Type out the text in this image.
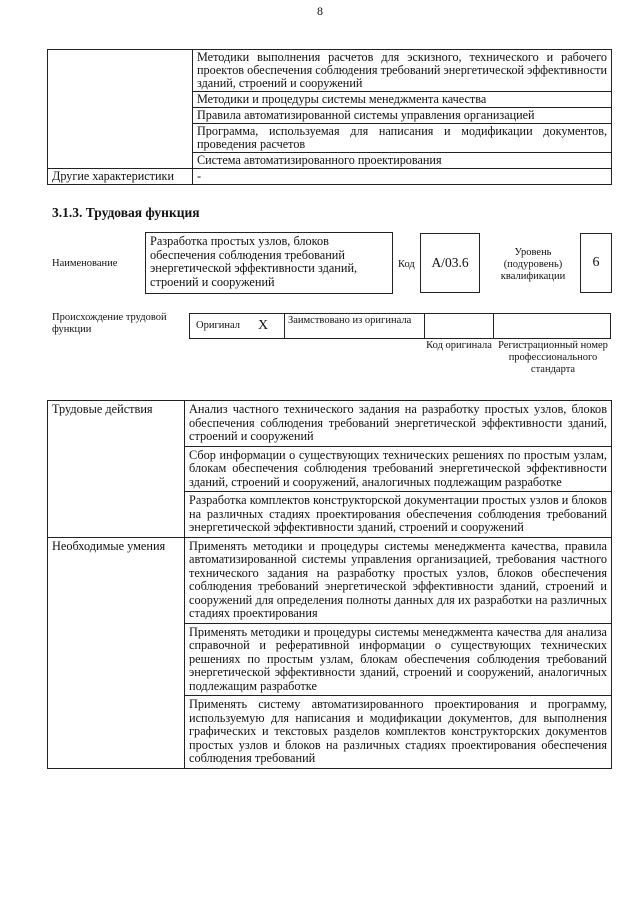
8
	Методики выполнения расчетов для эскизного, технического и рабочего проектов обеспечения соблюдения требований энергетической эффективности зданий, строений и сооружений
	Методики и процедуры системы менеджмента качества
	Правила автоматизированной системы управления организацией
	Программа, используемая для написания и модификации документов, проведения расчетов
	Система автоматизированного проектирования
Другие характеристики	-
3.1.3. Трудовая функция
Наименование
Разработка простых узлов, блоков обеспечения соблюдения требований энергетической эффективности зданий, строений и сооружений
Код	A/03.6
Уровень (подуровень) квалификации
6
Происхождение трудовой функции	Оригинал X	Заимствовано из оригинала
Код оригинала Регистрационный номер профессионального стандарта
Трудовые действия	Анализ частного технического задания на разработку простых узлов, блоков обеспечения соблюдения требований энергетической эффективности зданий, строений и сооружений
	Сбор информации о существующих технических решениях по простым узлам, блокам обеспечения соблюдения требований энергетической эффективности зданий, строений и сооружений, аналогичных подлежащим разработке
	Разработка комплектов конструкторской документации простых узлов и блоков на различных стадиях проектирования обеспечения соблюдения требований энергетической эффективности зданий, строений и сооружений
Необходимые умения	Применять методики и процедуры системы менеджмента качества, правила автоматизированной системы управления организацией, требования частного технического задания на разработку простых узлов, блоков обеспечения соблюдения требований энергетической эффективности зданий, строений и сооружений для определения полноты данных для их разработки на различных стадиях проектирования
	Применять методики и процедуры системы менеджмента качества для анализа справочной и реферативной информации о существующих технических решениях по простым узлам, блокам обеспечения соблюдения требований энергетической эффективности зданий, строений и сооружений, аналогичных подлежащим разработке
	Применять систему автоматизированного проектирования и программу, используемую для написания и модификации документов, для выполнения графических и текстовых разделов комплектов конструкторских документов простых узлов и блоков на различных стадиях проектирования обеспечения соблюдения требований
